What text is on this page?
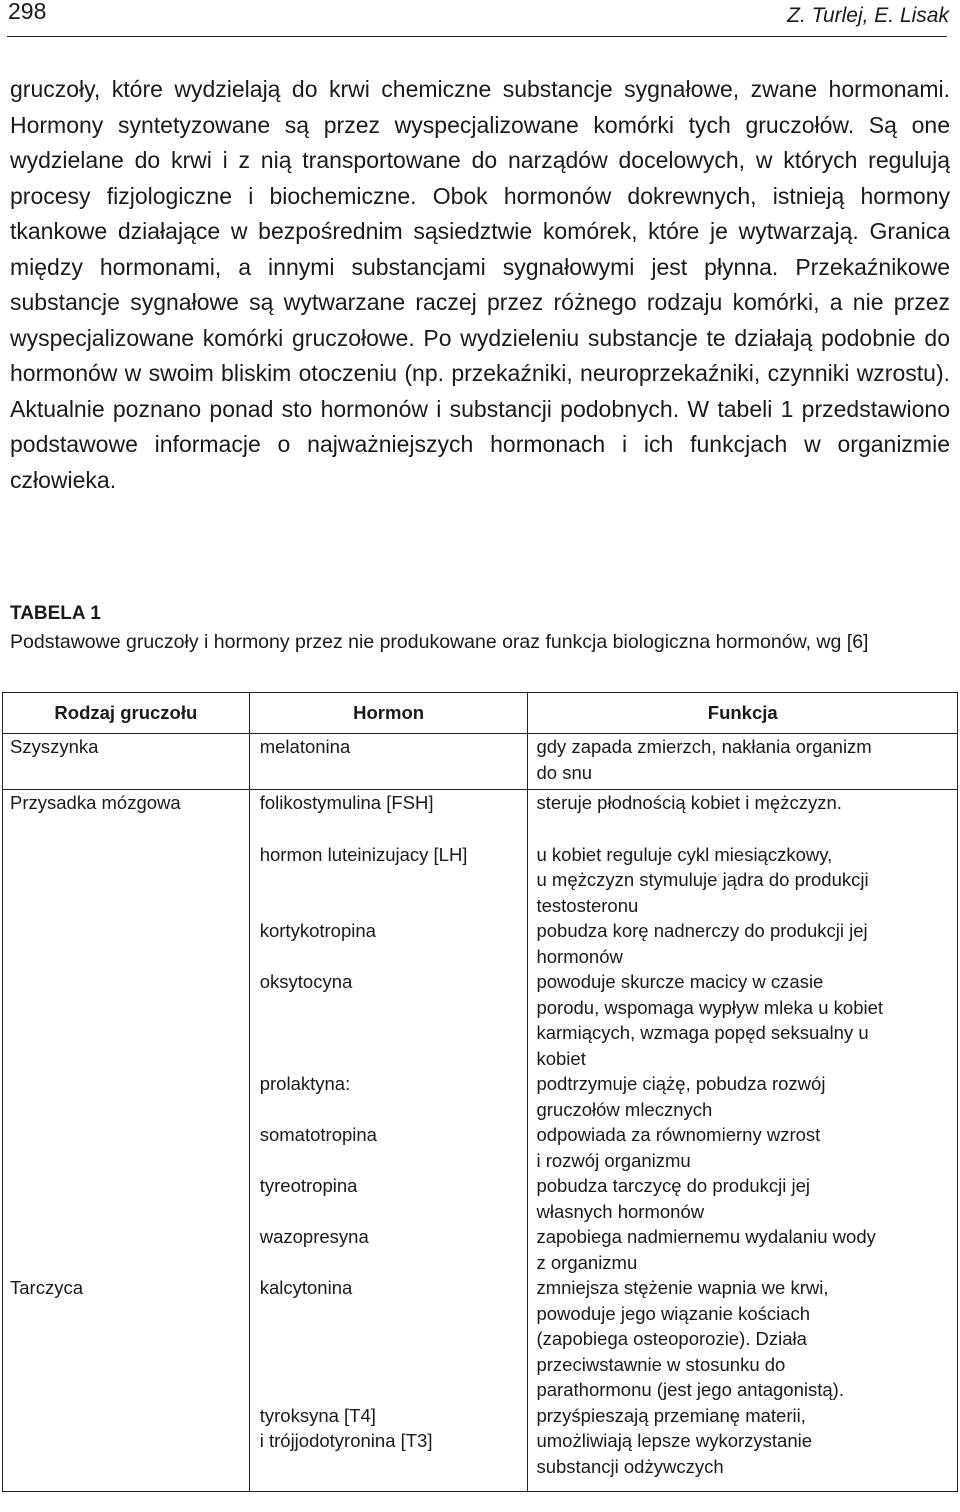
298	Z. Turlej, E. Lisak

gruczoły, które wydzielają do krwi chemiczne substancje sygnałowe, zwane hormonami. Hormony syntetyzowane są przez wyspecjalizowane komórki tych gruczołów. Są one wydzielane do krwi i z nią transportowane do narządów docelowych, w których regulują procesy fizjologiczne i biochemiczne. Obok hormonów dokrewnych, istnieją hormony tkankowe działające w bezpośrednim sąsiedztwie komórek, które je wytwarzają. Granica między hormonami, a innymi substancjami sygnałowymi jest płynna. Przekaźnikowe substancje sygnałowe są wytwarzane raczej przez różnego rodzaju komórki, a nie przez wyspecjalizowane komórki gruczołowe. Po wydzieleniu substancje te działają podobnie do hormonów w swoim bliskim otoczeniu (np. przekaźniki, neuroprzekaźniki, czynniki wzrostu). Aktualnie poznano ponad sto hormonów i substancji podobnych. W tabeli 1 przedstawiono podstawowe informacje o najważniejszych hormonach i ich funkcjach w organizmie człowieka.

TABELA 1
Podstawowe gruczoły i hormony przez nie produkowane oraz funkcja biologiczna hormonów, wg [6]
Rodzaj gruczołu	Hormon	Funkcja
Szyszynka	melatonina	gdy zapada zmierzch, nakłania organizm
do snu

Przysadka mózgowa	folikostymulina [FSH]	steruje płodnością kobiet i mężczyzn.

	hormon luteinizujacy [LH]	u kobiet reguluje cykl miesiączkowy,
u mężczyzn stymuluje jądra do produkcji
testosteronu

	kortykotropina	pobudza korę nadnerczy do produkcji jej
hormonów

	oksytocyna	powoduje skurcze macicy w czasie
porodu, wspomaga wypływ mleka u kobiet
karmiących, wzmaga popęd seksualny u
kobiet

	prolaktyna:	podtrzymuje ciążę, pobudza rozwój
gruczołów mlecznych

	somatotropina	odpowiada za równomierny wzrost
i rozwój organizmu

	tyreotropina	pobudza tarczycę do produkcji jej
własnych hormonów

	wazopresyna	zapobiega nadmiernemu wydalaniu wody
z organizmu

Tarczyca	kalcytonina	zmniejsza stężenie wapnia we krwi,
powoduje jego wiązanie kościach
(zapobiega osteoporozie). Działa
przeciwstawnie w stosunku do
parathormonu (jest jego antagonistą).

	tyroksyna [T4]
i trójjodotyronina [T3]	przyśpieszają przemianę materii,
umożliwiają lepsze wykorzystanie
substancji odżywczych
